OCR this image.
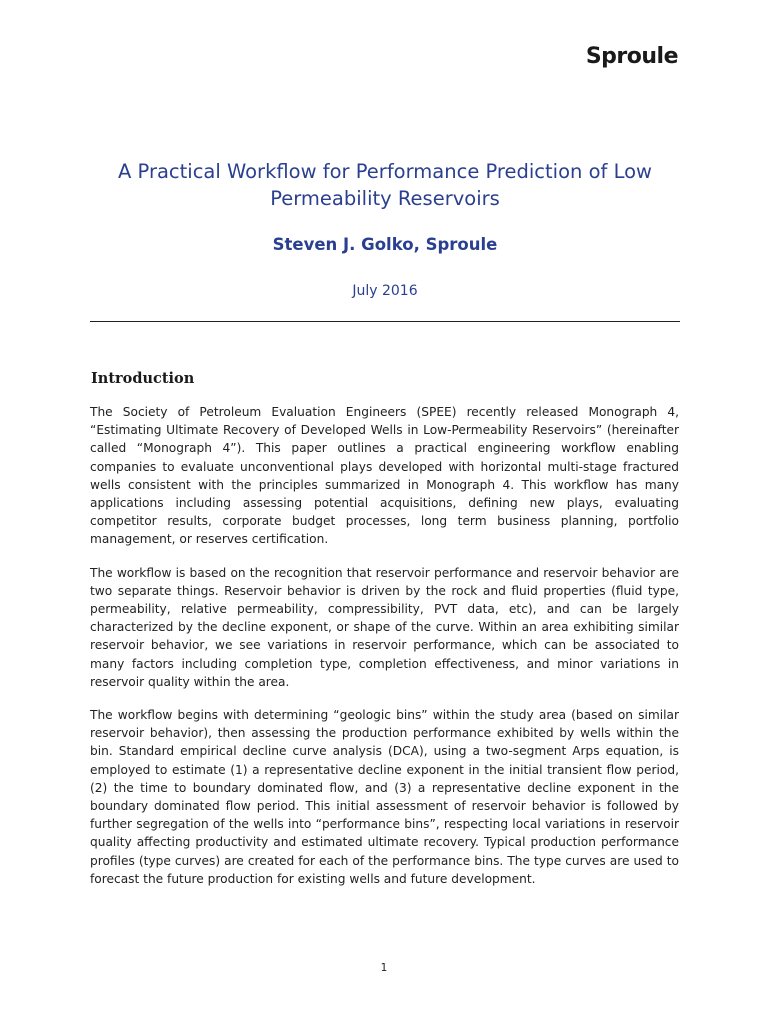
Sproule
A Practical Workflow for Performance Prediction of Low Permeability Reservoirs
Steven J. Golko, Sproule
July 2016
Introduction

The Society of Petroleum Evaluation Engineers (SPEE) recently released Monograph 4, “Estimating Ultimate Recovery of Developed Wells in Low-Permeability Reservoirs” (hereinafter called “Monograph 4”). This paper outlines a practical engineering workflow enabling companies to evaluate unconventional plays developed with horizontal multi-stage fractured wells consistent with the principles summarized in Monograph 4. This workflow has many applications including assessing potential acquisitions, defining new plays, evaluating competitor results, corporate budget processes, long term business planning, portfolio management, or reserves certification.

The workflow is based on the recognition that reservoir performance and reservoir behavior are two separate things. Reservoir behavior is driven by the rock and fluid properties (fluid type, permeability, relative permeability, compressibility, PVT data, etc), and can be largely characterized by the decline exponent, or shape of the curve. Within an area exhibiting similar reservoir behavior, we see variations in reservoir performance, which can be associated to many factors including completion type, completion effectiveness, and minor variations in reservoir quality within the area.

The workflow begins with determining “geologic bins” within the study area (based on similar reservoir behavior), then assessing the production performance exhibited by wells within the bin. Standard empirical decline curve analysis (DCA), using a two-segment Arps equation, is employed to estimate (1) a representative decline exponent in the initial transient flow period, (2) the time to boundary dominated flow, and (3) a representative decline exponent in the boundary dominated flow period. This initial assessment of reservoir behavior is followed by further segregation of the wells into “performance bins”, respecting local variations in reservoir quality affecting productivity and estimated ultimate recovery. Typical production performance profiles (type curves) are created for each of the performance bins. The type curves are used to forecast the future production for existing wells and future development.

1
